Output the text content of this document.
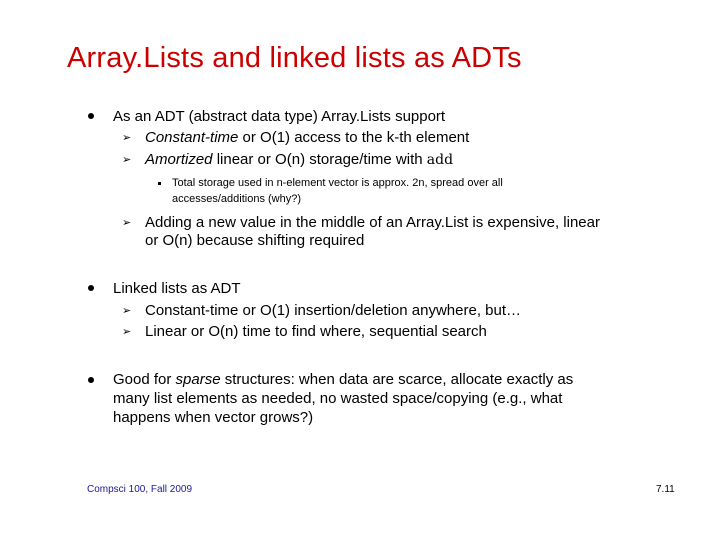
Array.Lists and linked lists as ADTs
As an ADT (abstract data type) Array.Lists support
➢ Constant-time or O(1) access to the k-th element
➢ Amortized linear or O(n) storage/time with add
Total storage used in n-element vector is approx. 2n, spread over all
accesses/additions (why?)
➢ Adding a new value in the middle of an Array.List is expensive, linear
or O(n) because shifting required
Linked lists as ADT
➢ Constant-time or O(1) insertion/deletion anywhere, but…
➢ Linear or O(n) time to find where, sequential search
Good for sparse structures: when data are scarce, allocate exactly as
many list elements as needed, no wasted space/copying (e.g., what
happens when vector grows?)
Compsci 100, Fall 2009	7.11
